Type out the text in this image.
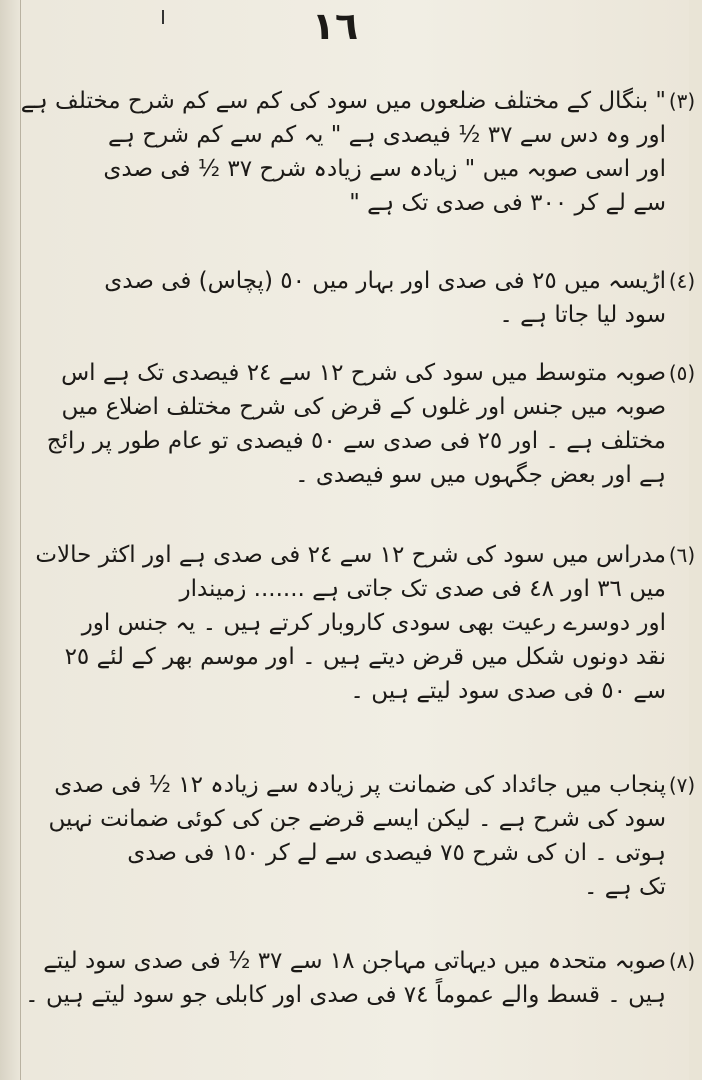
١٦
(٣)
" بنگال کے مختلف ضلعوں میں سود کی کم سے کم شرح مختلف ہے
اور وہ دس سے ٣٧ ½ فیصدی ہے " یہ کم سے کم شرح ہے
اور اسی صوبہ میں " زیادہ سے زیادہ شرح ٣٧ ½ فی صدی
سے لے کر ٣٠٠ فی صدی تک ہے "
(٤)
اڑیسہ میں ٢٥ فی صدی اور بہار میں ٥٠ (پچاس) فی صدی
سود لیا جاتا ہے ۔
(٥)
صوبہ متوسط میں سود کی شرح ١٢ سے ٢٤ فیصدی تک ہے اس
صوبہ میں جنس اور غلوں کے قرض کی شرح مختلف اضلاع میں
مختلف ہے ۔ اور ٢٥ فی صدی سے ٥٠ فیصدی تو عام طور پر رائج
ہے اور بعض جگہوں میں سو فیصدی ۔
(٦)
مدراس میں سود کی شرح ١٢ سے ٢٤ فی صدی ہے اور اکثر حالات
میں ٣٦ اور ٤٨ فی صدی تک جاتی ہے ....... زمیندار
اور دوسرے رعیت بھی سودی کاروبار کرتے ہیں ۔ یہ جنس اور
نقد دونوں شکل میں قرض دیتے ہیں ۔ اور موسم بھر کے لئے ٢٥
سے ٥٠ فی صدی سود لیتے ہیں ۔
(٧)
پنجاب میں جائداد کی ضمانت پر زیادہ سے زیادہ ١٢ ½ فی صدی
سود کی شرح ہے ۔ لیکن ایسے قرضے جن کی کوئی ضمانت نہیں
ہوتی ۔ ان کی شرح ٧٥ فیصدی سے لے کر ١٥٠ فی صدی
تک ہے ۔
(٨)
صوبہ متحدہ میں دیہاتی مہاجن ١٨ سے ٣٧ ½ فی صدی سود لیتے
ہیں ۔ قسط والے عموماً ٧٤ فی صدی اور کابلی جو سود لیتے ہیں ۔
